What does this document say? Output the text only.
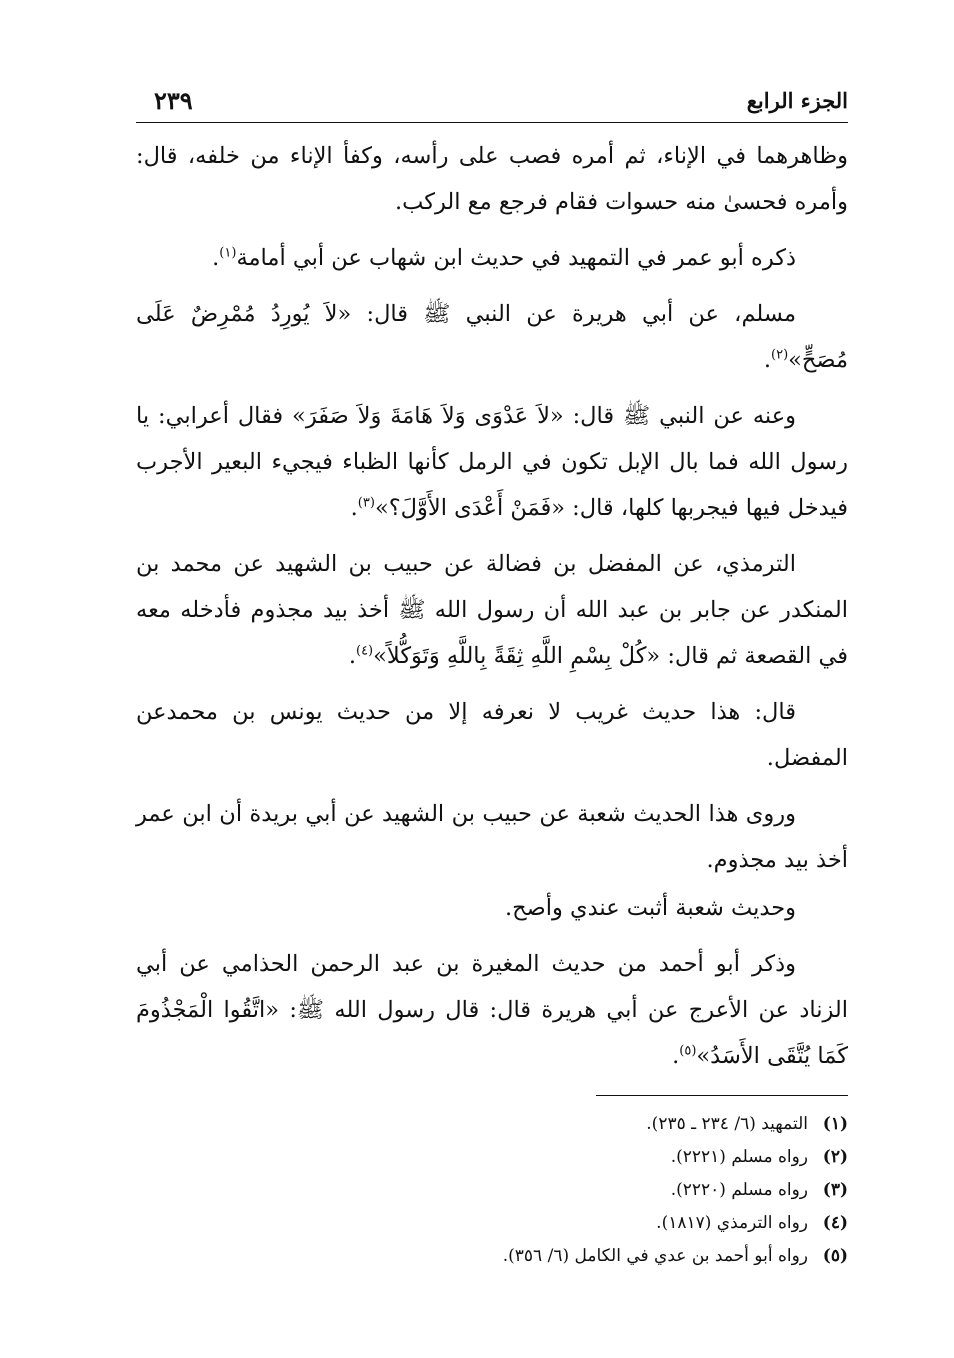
الجزء الرابع
٢٣٩

وظاهرهما في الإناء، ثم أمره فصب على رأسه، وكفأ الإناء من خلفه، قال: وأمره فحسىٰ منه حسوات فقام فرجع مع الركب.

ذكره أبو عمر في التمهيد في حديث ابن شهاب عن أبي أمامة$^{(١)}$.

مسلم، عن أبي هريرة عن النبي ﷺ قال: «لاَ يُورِدُ مُمْرِضٌ عَلَى مُصَحٍّ»$^{(٢)}$.

وعنه عن النبي ﷺ قال: «لاَ عَدْوَى وَلاَ هَامَةَ وَلاَ صَفَرَ» فقال أعرابي: يا رسول الله فما بال الإبل تكون في الرمل كأنها الظباء فيجيء البعير الأجرب فيدخل فيها فيجربها كلها، قال: «فَمَنْ أَعْدَى الأَوَّلَ؟»$^{(٣)}$.

الترمذي، عن المفضل بن فضالة عن حبيب بن الشهيد عن محمد بن المنكدر عن جابر بن عبد الله أن رسول الله ﷺ أخذ بيد مجذوم فأدخله معه في القصعة ثم قال: «كُلْ بِسْمِ اللَّهِ ثِقَةً بِاللَّهِ وَتَوَكُّلاً»$^{(٤)}$.

قال: هذا حديث غريب لا نعرفه إلا من حديث يونس بن محمدعن المفضل.

وروى هذا الحديث شعبة عن حبيب بن الشهيد عن أبي بريدة أن ابن عمر أخذ بيد مجذوم.

وحديث شعبة أثبت عندي وأصح.

وذكر أبو أحمد من حديث المغيرة بن عبد الرحمن الحذامي عن أبي الزناد عن الأعرج عن أبي هريرة قال: قال رسول الله ﷺ: «اتَّقُوا الْمَجْذُومَ كَمَا يُتَّقَى الأَسَدُ»$^{(٥)}$.

(١)
التمهيد (٦/ ٢٣٤ ـ ٢٣٥).
(٢)
رواه مسلم (٢٢٢١).
(٣)
رواه مسلم (٢٢٢٠).
(٤)
رواه الترمذي (١٨١٧).
(٥)
رواه أبو أحمد بن عدي في الكامل (٦/ ٣٥٦).
